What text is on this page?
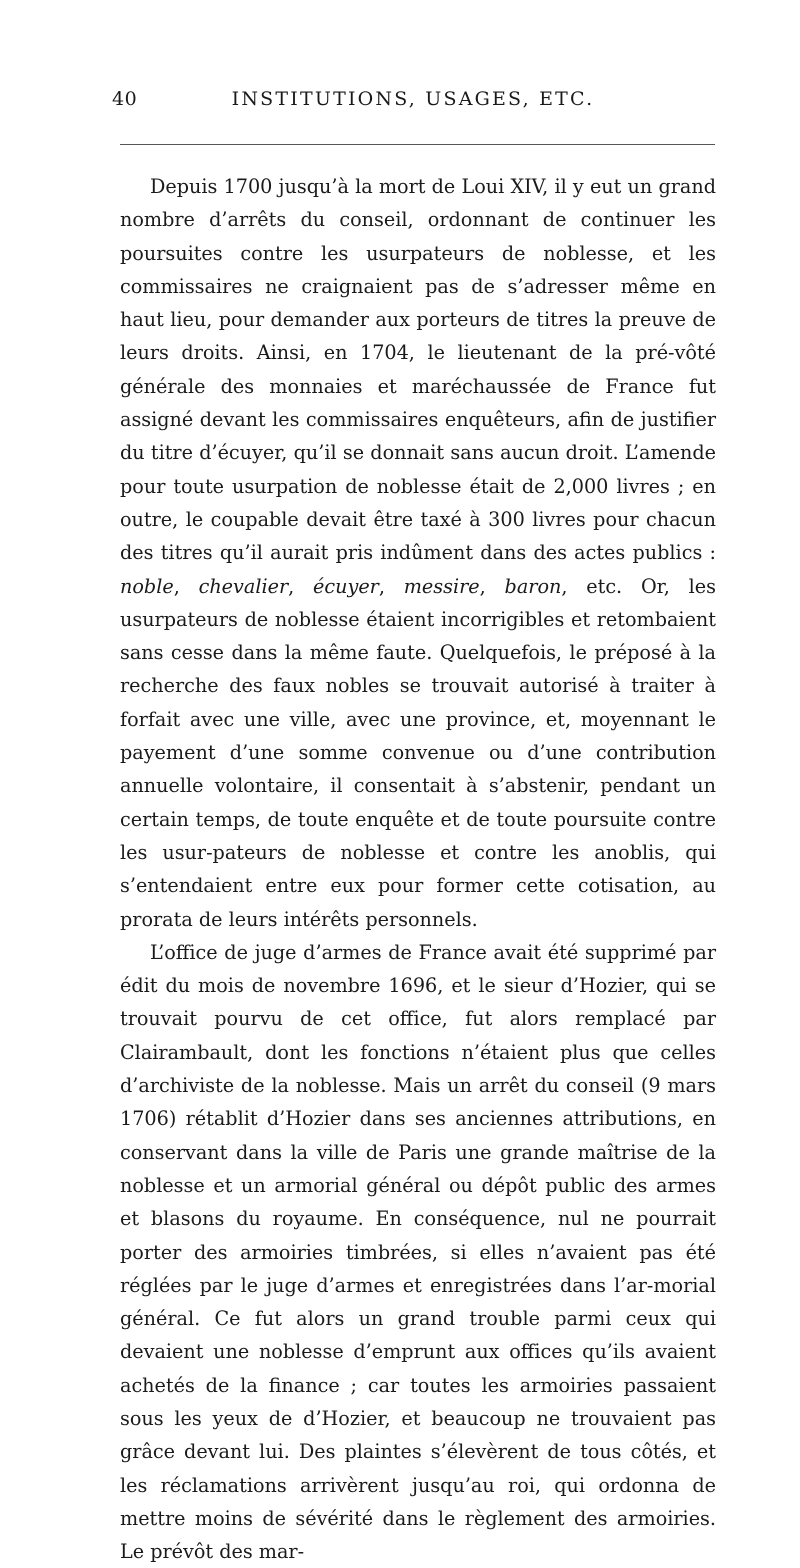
40	INSTITUTIONS, USAGES, ETC.

Depuis 1700 jusqu’à la mort de Loui XIV, il y eut un grand nombre d’arrêts du conseil, ordonnant de continuer les poursuites contre les usurpateurs de noblesse, et les commissaires ne craignaient pas de s’adresser même en haut lieu, pour demander aux porteurs de titres la preuve de leurs droits. Ainsi, en 1704, le lieutenant de la pré-vôté générale des monnaies et maréchaussée de France fut assigné devant les commissaires enquêteurs, afin de justifier du titre d’écuyer, qu’il se donnait sans aucun droit. L’amende pour toute usurpation de noblesse était de 2,000 livres ; en outre, le coupable devait être taxé à 300 livres pour chacun des titres qu’il aurait pris indûment dans des actes publics : noble, chevalier, écuyer, messire, baron, etc. Or, les usurpateurs de noblesse étaient incorrigibles et retombaient sans cesse dans la même faute. Quelquefois, le préposé à la recherche des faux nobles se trouvait autorisé à traiter à forfait avec une ville, avec une province, et, moyennant le payement d’une somme convenue ou d’une contribution annuelle volontaire, il consentait à s’abstenir, pendant un certain temps, de toute enquête et de toute poursuite contre les usur-pateurs de noblesse et contre les anoblis, qui s’entendaient entre eux pour former cette cotisation, au prorata de leurs intérêts personnels.

L’office de juge d’armes de France avait été supprimé par édit du mois de novembre 1696, et le sieur d’Hozier, qui se trouvait pourvu de cet office, fut alors remplacé par Clairambault, dont les fonctions n’étaient plus que celles d’archiviste de la noblesse. Mais un arrêt du conseil (9 mars 1706) rétablit d’Hozier dans ses anciennes attributions, en conservant dans la ville de Paris une grande maîtrise de la noblesse et un armorial général ou dépôt public des armes et blasons du royaume. En conséquence, nul ne pourrait porter des armoiries timbrées, si elles n’avaient pas été réglées par le juge d’armes et enregistrées dans l’ar-morial général. Ce fut alors un grand trouble parmi ceux qui devaient une noblesse d’emprunt aux offices qu’ils avaient achetés de la finance ; car toutes les armoiries passaient sous les yeux de d’Hozier, et beaucoup ne trouvaient pas grâce devant lui. Des plaintes s’élevèrent de tous côtés, et les réclamations arrivèrent jusqu’au roi, qui ordonna de mettre moins de sévérité dans le règlement des armoiries. Le prévôt des mar-
